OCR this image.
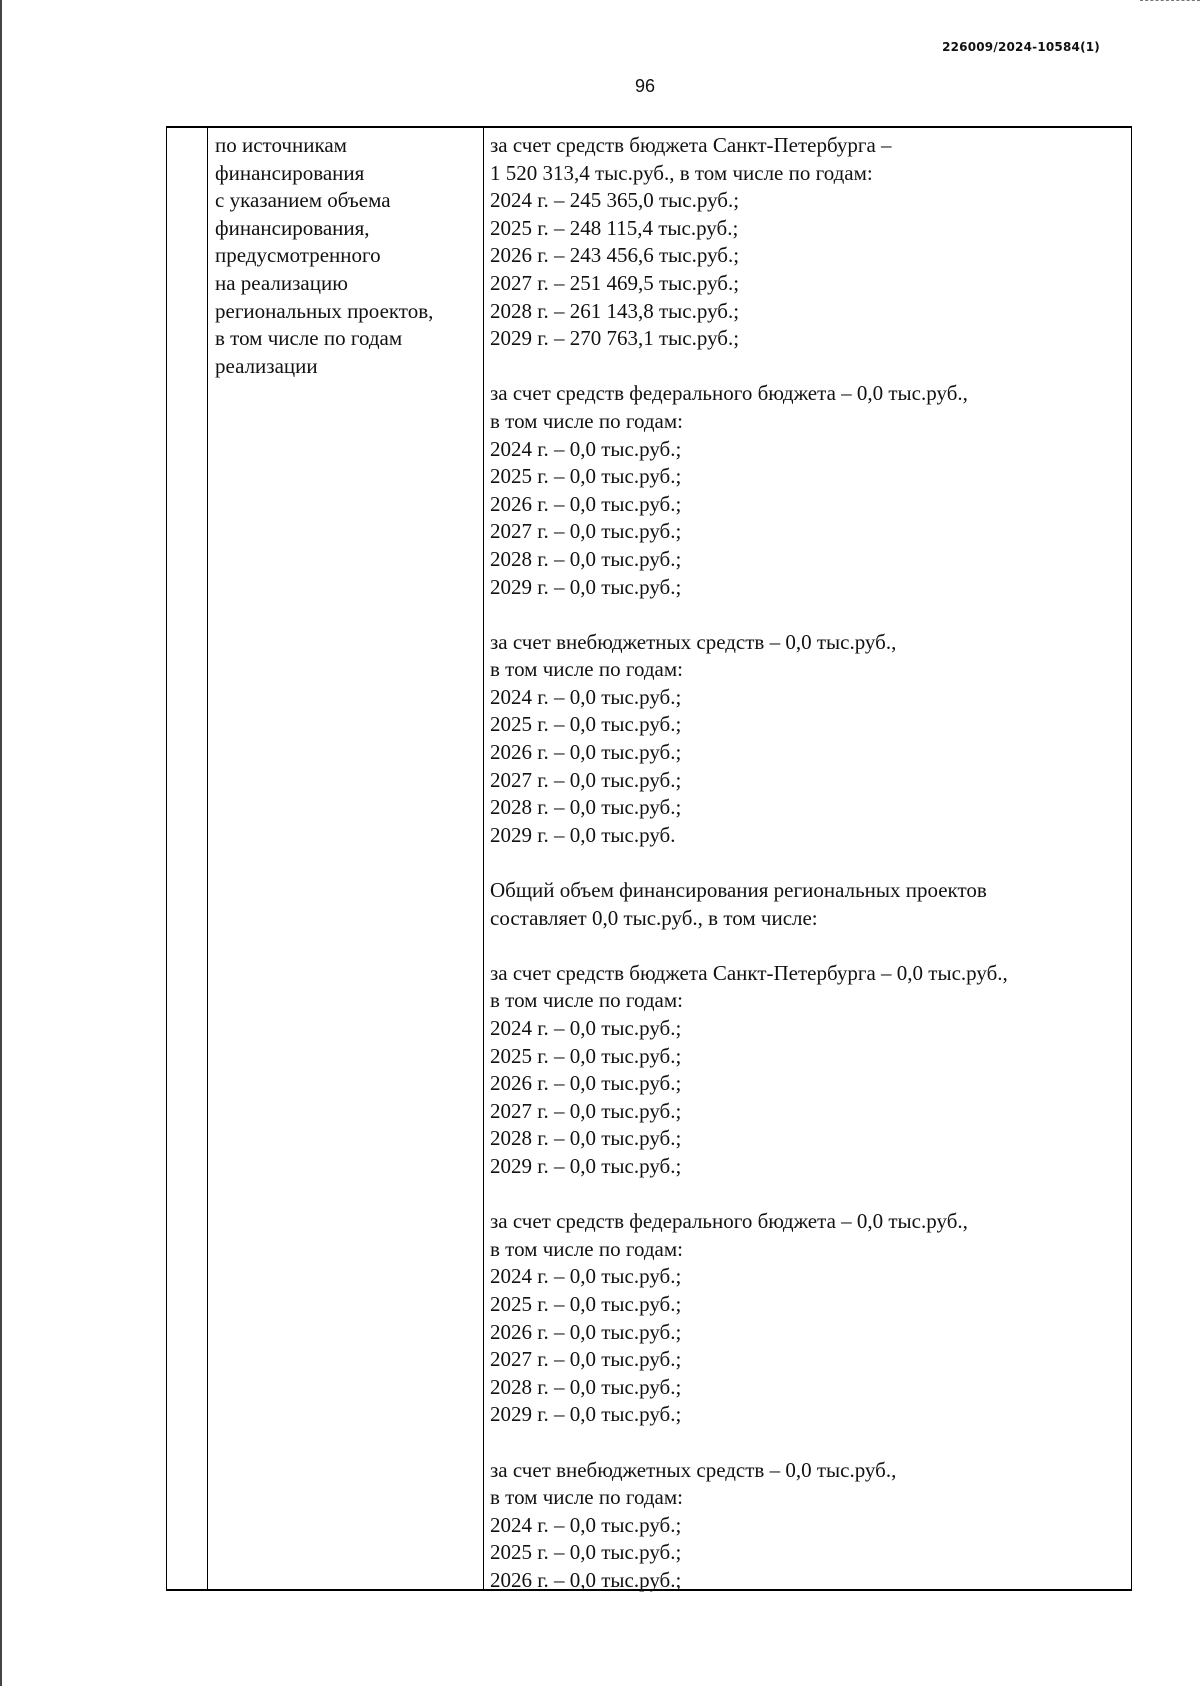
226009/2024-10584(1)
96
по источникам
финансирования
с указанием объема
финансирования,
предусмотренного
на реализацию
региональных проектов,
в том числе по годам
реализации
за счет средств бюджета Санкт-Петербурга –
1 520 313,4 тыс.руб., в том числе по годам:
2024 г. – 245 365,0 тыс.руб.;
2025 г. – 248 115,4 тыс.руб.;
2026 г. – 243 456,6 тыс.руб.;
2027 г. – 251 469,5 тыс.руб.;
2028 г. – 261 143,8 тыс.руб.;
2029 г. – 270 763,1 тыс.руб.;
за счет средств федерального бюджета – 0,0 тыс.руб.,
в том числе по годам:
2024 г. – 0,0 тыс.руб.;
2025 г. – 0,0 тыс.руб.;
2026 г. – 0,0 тыс.руб.;
2027 г. – 0,0 тыс.руб.;
2028 г. – 0,0 тыс.руб.;
2029 г. – 0,0 тыс.руб.;
за счет внебюджетных средств – 0,0 тыс.руб.,
в том числе по годам:
2024 г. – 0,0 тыс.руб.;
2025 г. – 0,0 тыс.руб.;
2026 г. – 0,0 тыс.руб.;
2027 г. – 0,0 тыс.руб.;
2028 г. – 0,0 тыс.руб.;
2029 г. – 0,0 тыс.руб.
Общий объем финансирования региональных проектов
составляет 0,0 тыс.руб., в том числе:
за счет средств бюджета Санкт-Петербурга – 0,0 тыс.руб.,
в том числе по годам:
2024 г. – 0,0 тыс.руб.;
2025 г. – 0,0 тыс.руб.;
2026 г. – 0,0 тыс.руб.;
2027 г. – 0,0 тыс.руб.;
2028 г. – 0,0 тыс.руб.;
2029 г. – 0,0 тыс.руб.;
за счет средств федерального бюджета – 0,0 тыс.руб.,
в том числе по годам:
2024 г. – 0,0 тыс.руб.;
2025 г. – 0,0 тыс.руб.;
2026 г. – 0,0 тыс.руб.;
2027 г. – 0,0 тыс.руб.;
2028 г. – 0,0 тыс.руб.;
2029 г. – 0,0 тыс.руб.;
за счет внебюджетных средств – 0,0 тыс.руб.,
в том числе по годам:
2024 г. – 0,0 тыс.руб.;
2025 г. – 0,0 тыс.руб.;
2026 г. – 0,0 тыс.руб.;
